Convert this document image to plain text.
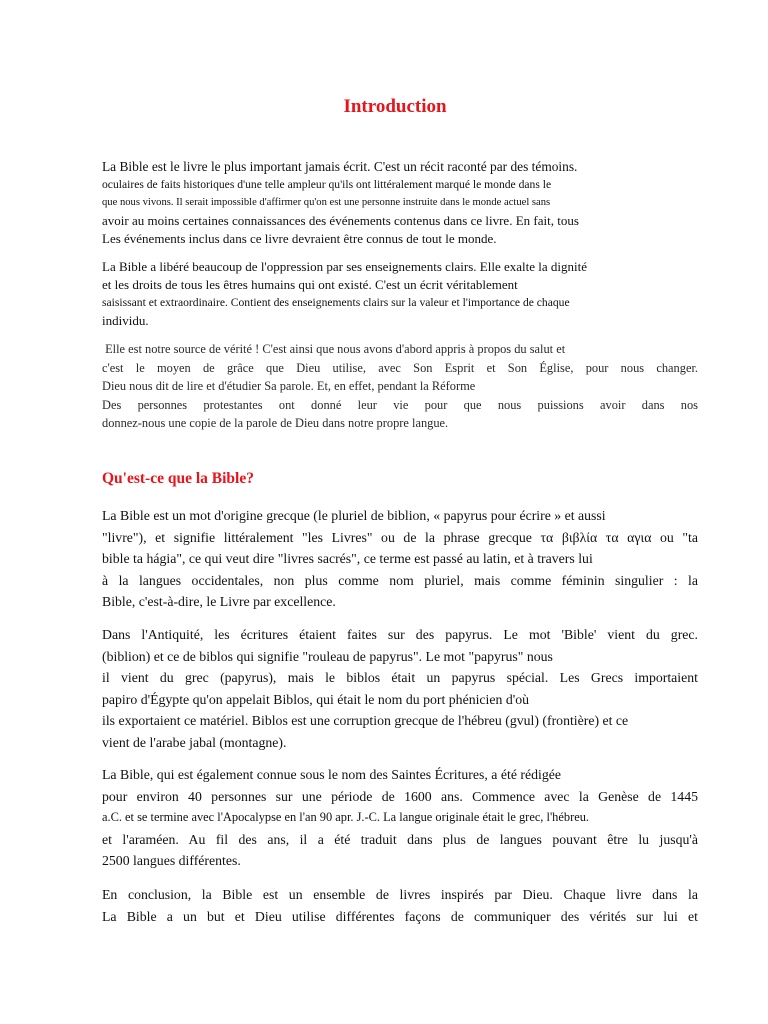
Introduction

La Bible est le livre le plus important jamais écrit. C'est un récit raconté par des témoins.
oculaires de faits historiques d'une telle ampleur qu'ils ont littéralement marqué le monde dans le
que nous vivons. Il serait impossible d'affirmer qu'on est une personne instruite dans le monde actuel sans
avoir au moins certaines connaissances des événements contenus dans ce livre. En fait, tous
Les événements inclus dans ce livre devraient être connus de tout le monde.

La Bible a libéré beaucoup de l'oppression par ses enseignements clairs. Elle exalte la dignité
et les droits de tous les êtres humains qui ont existé. C'est un écrit véritablement
saisissant et extraordinaire. Contient des enseignements clairs sur la valeur et l'importance de chaque
individu.

Elle est notre source de vérité ! C'est ainsi que nous avons d'abord appris à propos du salut et
c'est le moyen de grâce que Dieu utilise, avec Son Esprit et Son Église, pour nous changer.
Dieu nous dit de lire et d'étudier Sa parole. Et, en effet, pendant la Réforme
Des personnes protestantes ont donné leur vie pour que nous puissions avoir dans nos
donnez-nous une copie de la parole de Dieu dans notre propre langue.

Qu'est-ce que la Bible?

La Bible est un mot d'origine grecque (le pluriel de biblion, « papyrus pour écrire » et aussi
"livre"), et signifie littéralement "les Livres" ou de la phrase grecque τα βιβλία τα αγια ou "ta
bible ta hágia", ce qui veut dire "livres sacrés", ce terme est passé au latin, et à travers lui
à la langues occidentales, non plus comme nom pluriel, mais comme féminin singulier : la
Bible, c'est-à-dire, le Livre par excellence.

Dans l'Antiquité, les écritures étaient faites sur des papyrus. Le mot 'Bible' vient du grec.
(biblion) et ce de biblos qui signifie "rouleau de papyrus". Le mot "papyrus" nous
il vient du grec (papyrus), mais le biblos était un papyrus spécial. Les Grecs importaient
papiro d'Égypte qu'on appelait Biblos, qui était le nom du port phénicien d'où
ils exportaient ce matériel. Biblos est une corruption grecque de l'hébreu (gvul) (frontière) et ce
vient de l'arabe jabal (montagne).

La Bible, qui est également connue sous le nom des Saintes Écritures, a été rédigée
pour environ 40 personnes sur une période de 1600 ans. Commence avec la Genèse de 1445
a.C. et se termine avec l'Apocalypse en l'an 90 apr. J.-C. La langue originale était le grec, l'hébreu.
et l'araméen. Au fil des ans, il a été traduit dans plus de langues pouvant être lu jusqu'à
2500 langues différentes.

En conclusion, la Bible est un ensemble de livres inspirés par Dieu. Chaque livre dans la
La Bible a un but et Dieu utilise différentes façons de communiquer des vérités sur lui et
